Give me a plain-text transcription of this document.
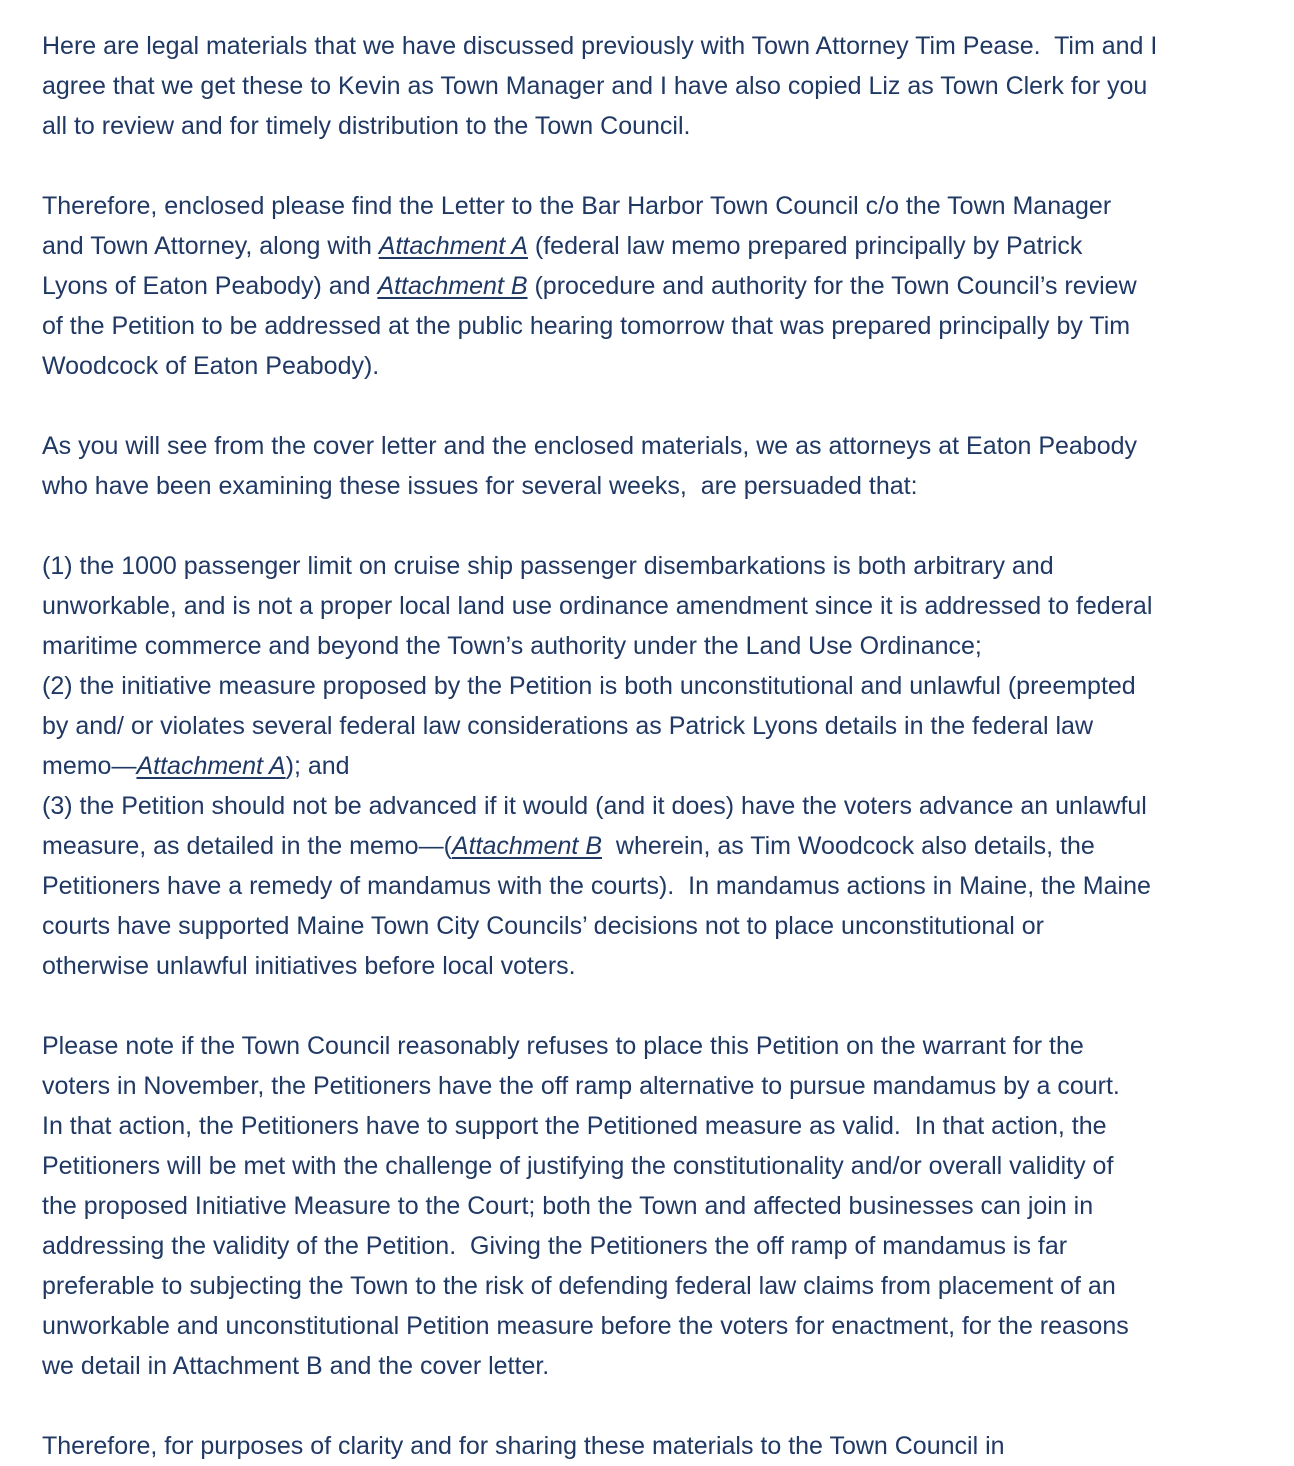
Here are legal materials that we have discussed previously with Town Attorney Tim Pease.  Tim and I
agree that we get these to Kevin as Town Manager and I have also copied Liz as Town Clerk for you
all to review and for timely distribution to the Town Council.
Therefore, enclosed please find the Letter to the Bar Harbor Town Council c/o the Town Manager
and Town Attorney, along with Attachment A (federal law memo prepared principally by Patrick
Lyons of Eaton Peabody) and Attachment B (procedure and authority for the Town Council’s review
of the Petition to be addressed at the public hearing tomorrow that was prepared principally by Tim
Woodcock of Eaton Peabody).
As you will see from the cover letter and the enclosed materials, we as attorneys at Eaton Peabody
who have been examining these issues for several weeks,  are persuaded that:
(1) the 1000 passenger limit on cruise ship passenger disembarkations is both arbitrary and
unworkable, and is not a proper local land use ordinance amendment since it is addressed to federal
maritime commerce and beyond the Town’s authority under the Land Use Ordinance;
(2) the initiative measure proposed by the Petition is both unconstitutional and unlawful (preempted
by and/ or violates several federal law considerations as Patrick Lyons details in the federal law
memo—Attachment A); and
(3) the Petition should not be advanced if it would (and it does) have the voters advance an unlawful
measure, as detailed in the memo—(Attachment B  wherein, as Tim Woodcock also details, the
Petitioners have a remedy of mandamus with the courts).  In mandamus actions in Maine, the Maine
courts have supported Maine Town City Councils’ decisions not to place unconstitutional or
otherwise unlawful initiatives before local voters.
Please note if the Town Council reasonably refuses to place this Petition on the warrant for the
voters in November, the Petitioners have the off ramp alternative to pursue mandamus by a court.
In that action, the Petitioners have to support the Petitioned measure as valid.  In that action, the
Petitioners will be met with the challenge of justifying the constitutionality and/or overall validity of
the proposed Initiative Measure to the Court; both the Town and affected businesses can join in
addressing the validity of the Petition.  Giving the Petitioners the off ramp of mandamus is far
preferable to subjecting the Town to the risk of defending federal law claims from placement of an
unworkable and unconstitutional Petition measure before the voters for enactment, for the reasons
we detail in Attachment B and the cover letter.
Therefore, for purposes of clarity and for sharing these materials to the Town Council in
